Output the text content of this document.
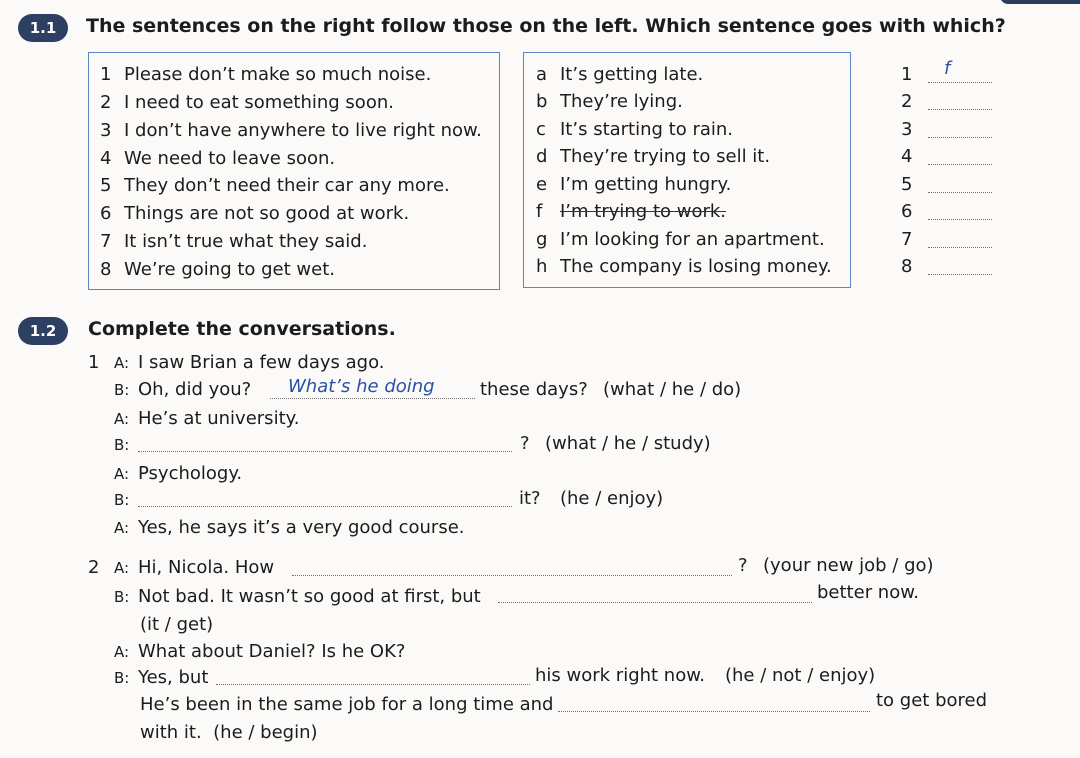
1.1	The sentences on the right follow those on the left. Which sentence goes with which?
1 Please don’t make so much noise.
2 I need to eat something soon.
3 I don’t have anywhere to live right now.
4 We need to leave soon.
5 They don’t need their car any more.
6 Things are not so good at work.
7 It isn’t true what they said.
8 We’re going to get wet.
a It’s getting late.
b They’re lying.
c It’s starting to rain.
d They’re trying to sell it.
e I’m getting hungry.
f I’m trying to work.
g I’m looking for an apartment.
h The company is losing money.
1 f
2
3
4
5
6
7
8
1.2	Complete the conversations.
1 A: I saw Brian a few days ago.
B: Oh, did you? What’s he doing	these days? (what / he / do)
A: He’s at university.
B:	? (what / he / study)
A: Psychology.
B:	it? (he / enjoy)
A: Yes, he says it’s a very good course.
2 A: Hi, Nicola. How	? (your new job / go)
B: Not bad. It wasn’t so good at first, but	better now.
(it / get)
A: What about Daniel? Is he OK?
B: Yes, but	his work right now. (he / not / enjoy)
He’s been in the same job for a long time and	to get bored
with it. (he / begin)
